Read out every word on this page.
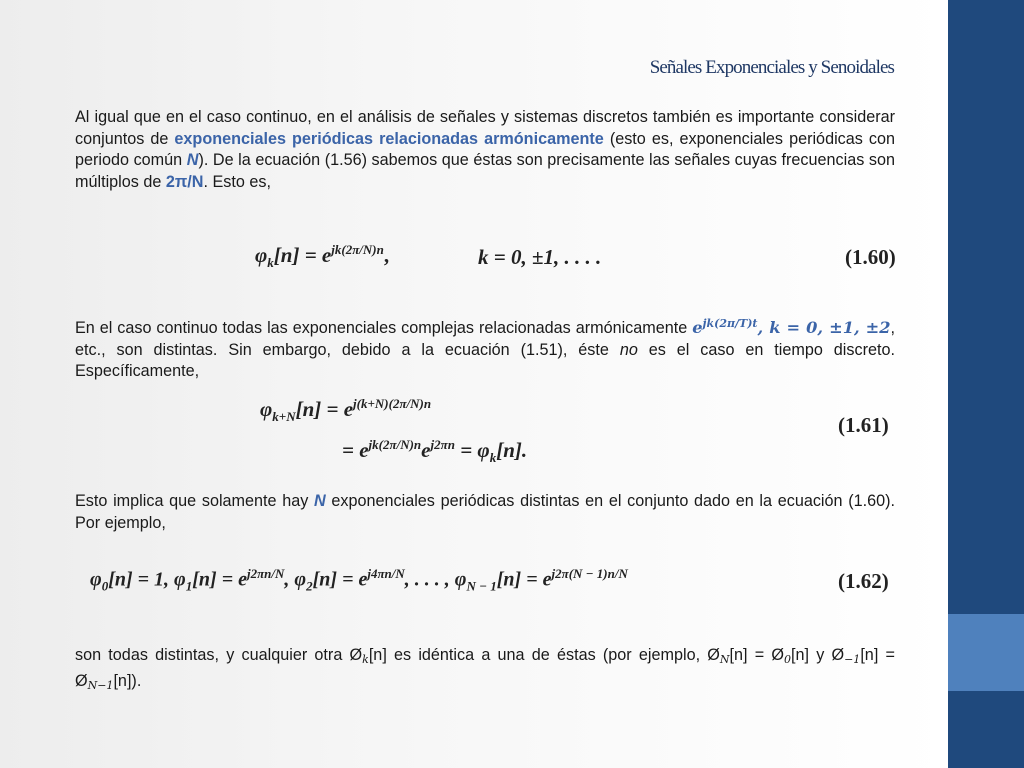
Señales Exponenciales y Senoidales
Al igual que en el caso continuo, en el análisis de señales y sistemas discretos también es importante considerar conjuntos de exponenciales periódicas relacionadas armónicamente (esto es, exponenciales periódicas con periodo común N). De la ecuación (1.56) sabemos que éstas son precisamente las señales cuyas frecuencias son múltiplos de 2π/N. Esto es,
$\varphi_k[n] = e^{jk(2\pi/N)n}$,	k = 0, ±1, . . . .	(1.60)
En el caso continuo todas las exponenciales complejas relacionadas armónicamente $e^{jk(2\pi/T)t}$, k = 0, ±1, ±2, etc., son distintas. Sin embargo, debido a la ecuación (1.51), éste no es el caso en tiempo discreto. Específicamente,
$\varphi_{k+N}[n] = e^{j(k+N)(2\pi/N)n}$
= $e^{jk(2\pi/N)n}e^{j2\pi n} = \varphi_k[n]$.
(1.61)
Esto implica que solamente hay N exponenciales periódicas distintas en el conjunto dado en la ecuación (1.60). Por ejemplo,
$\varphi_0[n] = 1$, $\varphi_1[n] = e^{j2\pi n/N}$, $\varphi_2[n] = e^{j4\pi n/N}$, . . . , $\varphi_{N - 1}[n] = e^{j2\pi(N - 1)n/N}$	(1.62)
son todas distintas, y cualquier otra $Ø_k[n]$ es idéntica a una de éstas (por ejemplo, $Ø_N[n]$ = $Ø_0[n]$ y $Ø_{-1}[n]$ = $Ø_{N-1}[n]$).
